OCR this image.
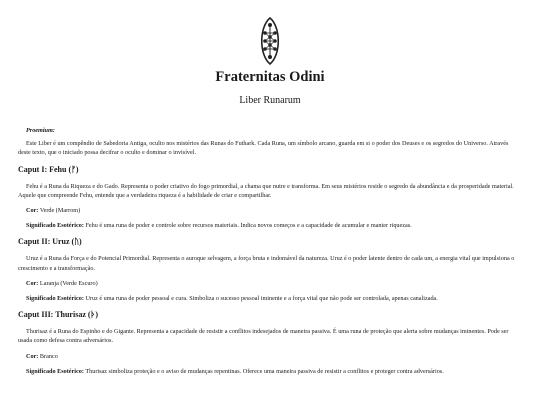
Fraternitas Odini
Liber Runarum

Proemium:

Este Liber é um compêndio de Sabedoria Antiga, oculto nos mistérios das Runas do Futhark. Cada Runa, um símbolo arcano, guarda em si o poder dos Deuses e os segredos do Universo. Através deste texto, que o iniciado possa decifrar o oculto e dominar o invisível.

Caput I: Fehu (ᚠ)

Fehu é a Runa da Riqueza e do Gado. Representa o poder criativo do fogo primordial, a chama que nutre e transforma. Em seus mistérios reside o segredo da abundância e da prosperidade material. Aquele que compreende Fehu, entende que a verdadeira riqueza é a habilidade de criar e compartilhar.

Cor: Verde (Marrom)

Significado Esotérico: Fehu é uma runa de poder e controle sobre recursos materiais. Indica novos começos e a capacidade de acumular e manter riquezas.

Caput II: Uruz (ᚢ)

Uruz é a Runa da Força e do Potencial Primordial. Representa o auroque selvagem, a força bruta e indomável da natureza. Uruz é o poder latente dentro de cada um, a energia vital que impulsiona o crescimento e a transformação.

Cor: Laranja (Verde Escuro)

Significado Esotérico: Uruz é uma runa de poder pessoal e cura. Simboliza o sucesso pessoal iminente e a força vital que não pode ser controlada, apenas canalizada.

Caput III: Thurisaz (ᚦ)

Thurisaz é a Runa do Espinho e do Gigante. Representa a capacidade de resistir a conflitos indesejados de maneira passiva. É uma runa de proteção que alerta sobre mudanças iminentes. Pode ser usada como defesa contra adversários.

Cor: Branco

Significado Esotérico: Thurisaz simboliza proteção e o aviso de mudanças repentinas. Oferece uma maneira passiva de resistir a conflitos e proteger contra adversários.
